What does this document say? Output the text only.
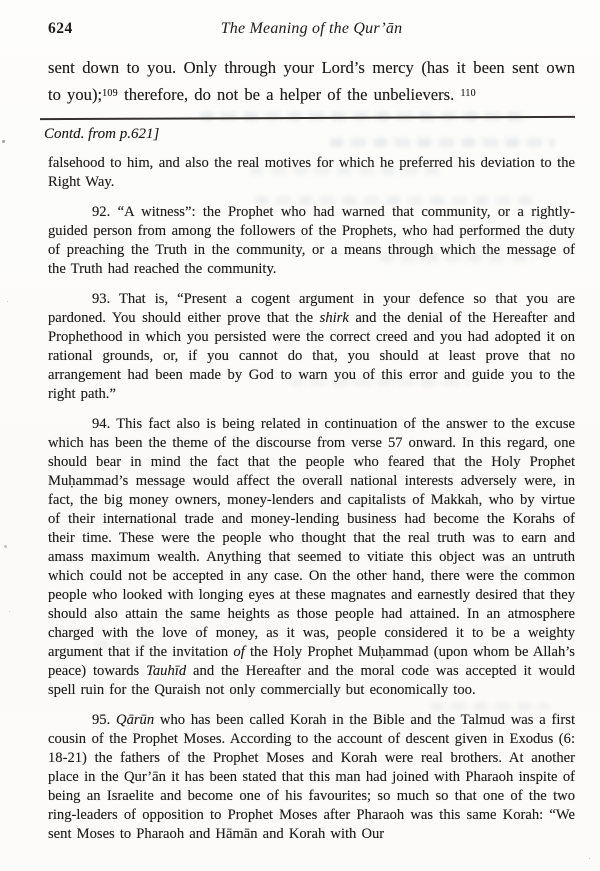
624	The Meaning of the Qur’ān

sent down to you. Only through your Lord’s mercy (has it been sent own to you);$^{109}$ therefore, do not be a helper of the unbelievers. $^{110}$

Contd. from p.621]

falsehood to him, and also the real motives for which he preferred his deviation to the Right Way.

92. “A witness”: the Prophet who had warned that community, or a rightly-guided person from among the followers of the Prophets, who had performed the duty of preaching the Truth in the community, or a means through which the message of the Truth had reached the community.

93. That is, “Present a cogent argument in your defence so that you are pardoned. You should either prove that the shirk and the denial of the Hereafter and Prophethood in which you persisted were the correct creed and you had adopted it on rational grounds, or, if you cannot do that, you should at least prove that no arrangement had been made by God to warn you of this error and guide you to the right path.”

94. This fact also is being related in continuation of the answer to the excuse which has been the theme of the discourse from verse 57 onward. In this regard, one should bear in mind the fact that the people who feared that the Holy Prophet Muḥammad’s message would affect the overall national interests adversely were, in fact, the big money owners, money-lenders and capitalists of Makkah, who by virtue of their international trade and money-lending business had become the Korahs of their time. These were the people who thought that the real truth was to earn and amass maximum wealth. Anything that seemed to vitiate this object was an untruth which could not be accepted in any case. On the other hand, there were the common people who looked with longing eyes at these magnates and earnestly desired that they should also attain the same heights as those people had attained. In an atmosphere charged with the love of money, as it was, people considered it to be a weighty argument that if the invitation of the Holy Prophet Muḥammad (upon whom be Allah’s peace) towards Tauhīd and the Hereafter and the moral code was accepted it would spell ruin for the Quraish not only commercially but economically too.

95. Qārūn who has been called Korah in the Bible and the Talmud was a first cousin of the Prophet Moses. According to the account of descent given in Exodus (6: 18-21) the fathers of the Prophet Moses and Korah were real brothers. At another place in the Qur’ān it has been stated that this man had joined with Pharaoh inspite of being an Israelite and become one of his favourites; so much so that one of the two ring-leaders of opposition to Prophet Moses after Pharaoh was this same Korah: “We sent Moses to Pharaoh and Hāmān and Korah with Our
